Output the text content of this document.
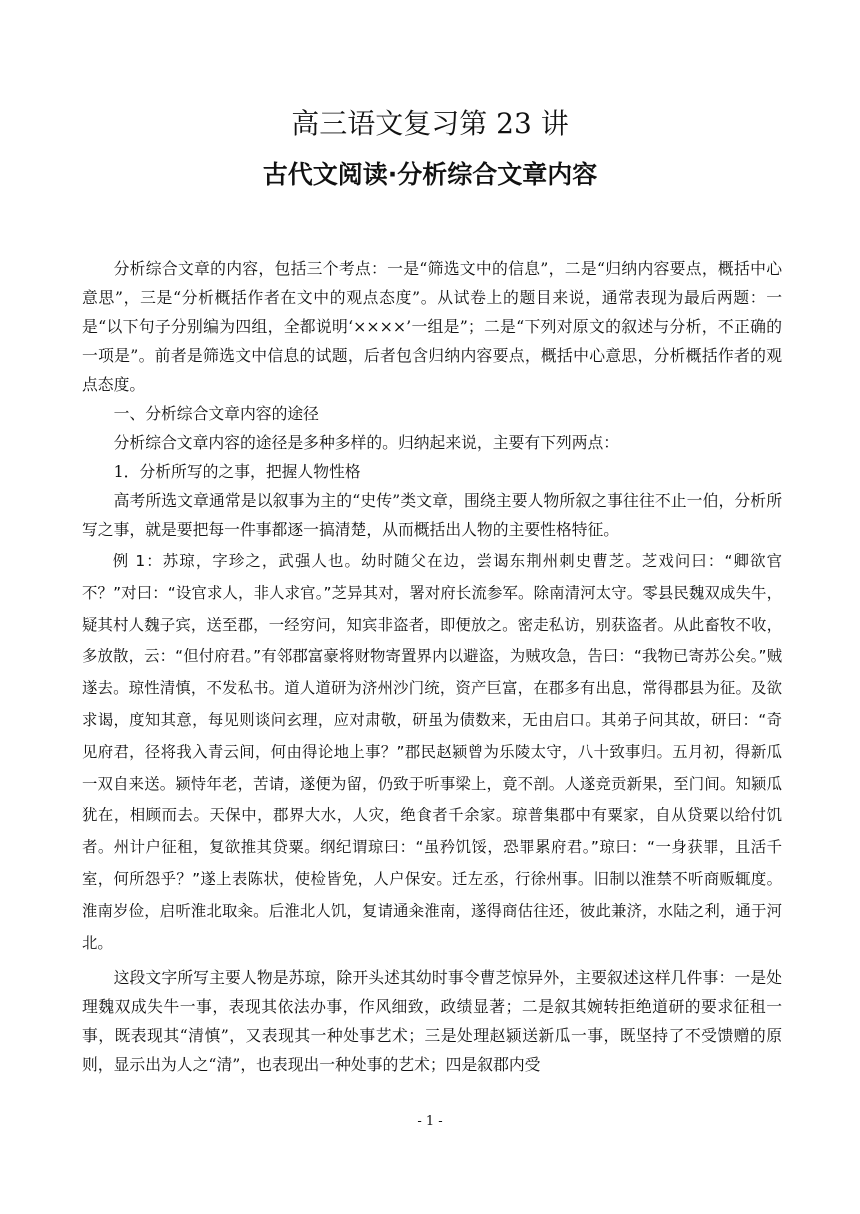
高三语文复习第 23 讲
古代文阅读·分析综合文章内容

分析综合文章的内容，包括三个考点：一是“筛选文中的信息”，二是“归纳内容要点，概括中心意思”，三是“分析概括作者在文中的观点态度”。从试卷上的题目来说，通常表现为最后两题：一是“以下句子分别编为四组，全都说明‘××××’一组是”；二是“下列对原文的叙述与分析，不正确的一项是”。前者是筛选文中信息的试题，后者包含归纳内容要点，概括中心意思，分析概括作者的观点态度。

一、分析综合文章内容的途径

分析综合文章内容的途径是多种多样的。归纳起来说，主要有下列两点：

1．分析所写的之事，把握人物性格

高考所选文章通常是以叙事为主的“史传”类文章，围绕主要人物所叙之事往往不止一伯，分析所写之事，就是要把每一件事都逐一搞清楚，从而概括出人物的主要性格特征。

例 1：苏琼，字珍之，武强人也。幼时随父在边，尝谒东荆州刺史曹芝。芝戏问曰：“卿欲官不？”对曰：“设官求人，非人求官。”芝异其对，署对府长流参军。除南清河太守。零县民魏双成失牛，疑其村人魏子宾，送至郡，一经穷问，知宾非盗者，即便放之。密走私访，别获盗者。从此畜牧不收，多放散，云：“但付府君。”有邻郡富豪将财物寄置界内以避盗，为贼攻急，告曰：“我物已寄苏公矣。”贼遂去。琼性清慎，不发私书。道人道研为济州沙门统，资产巨富，在郡多有出息，常得郡县为征。及欲求谒，度知其意，每见则谈问玄理，应对肃敬，研虽为债数来，无由启口。其弟子问其故，研曰：“奇见府君，径将我入青云间，何由得论地上事？”郡民赵颍曾为乐陵太守，八十致事归。五月初，得新瓜一双自来送。颍恃年老，苦请，遂便为留，仍致于听事梁上，竟不剖。人遂竞贡新果，至门间。知颍瓜犹在，相顾而去。天保中，郡界大水，人灾，绝食者千余家。琼普集郡中有粟家，自从贷粟以给付饥者。州计户征租，复欲推其贷粟。纲纪谓琼曰：“虽矜饥馁，恐罪累府君。”琼曰：“一身获罪，且活千室，何所怨乎？”遂上表陈状，使检皆免，人户保安。迁左丞，行徐州事。旧制以淮禁不听商贩辄度。淮南岁俭，启听淮北取籴。后淮北人饥，复请通籴淮南，遂得商估往还，彼此兼济，水陆之利，通于河北。

这段文字所写主要人物是苏琼，除开头述其幼时事令曹芝惊异外，主要叙述这样几件事：一是处理魏双成失牛一事，表现其依法办事，作风细致，政绩显著；二是叙其婉转拒绝道研的要求征租一事，既表现其“清慎”，又表现其一种处事艺术；三是处理赵颍送新瓜一事，既坚持了不受馈赠的原则，显示出为人之“清”，也表现出一种处事的艺术；四是叙郡内受

- 1 -
